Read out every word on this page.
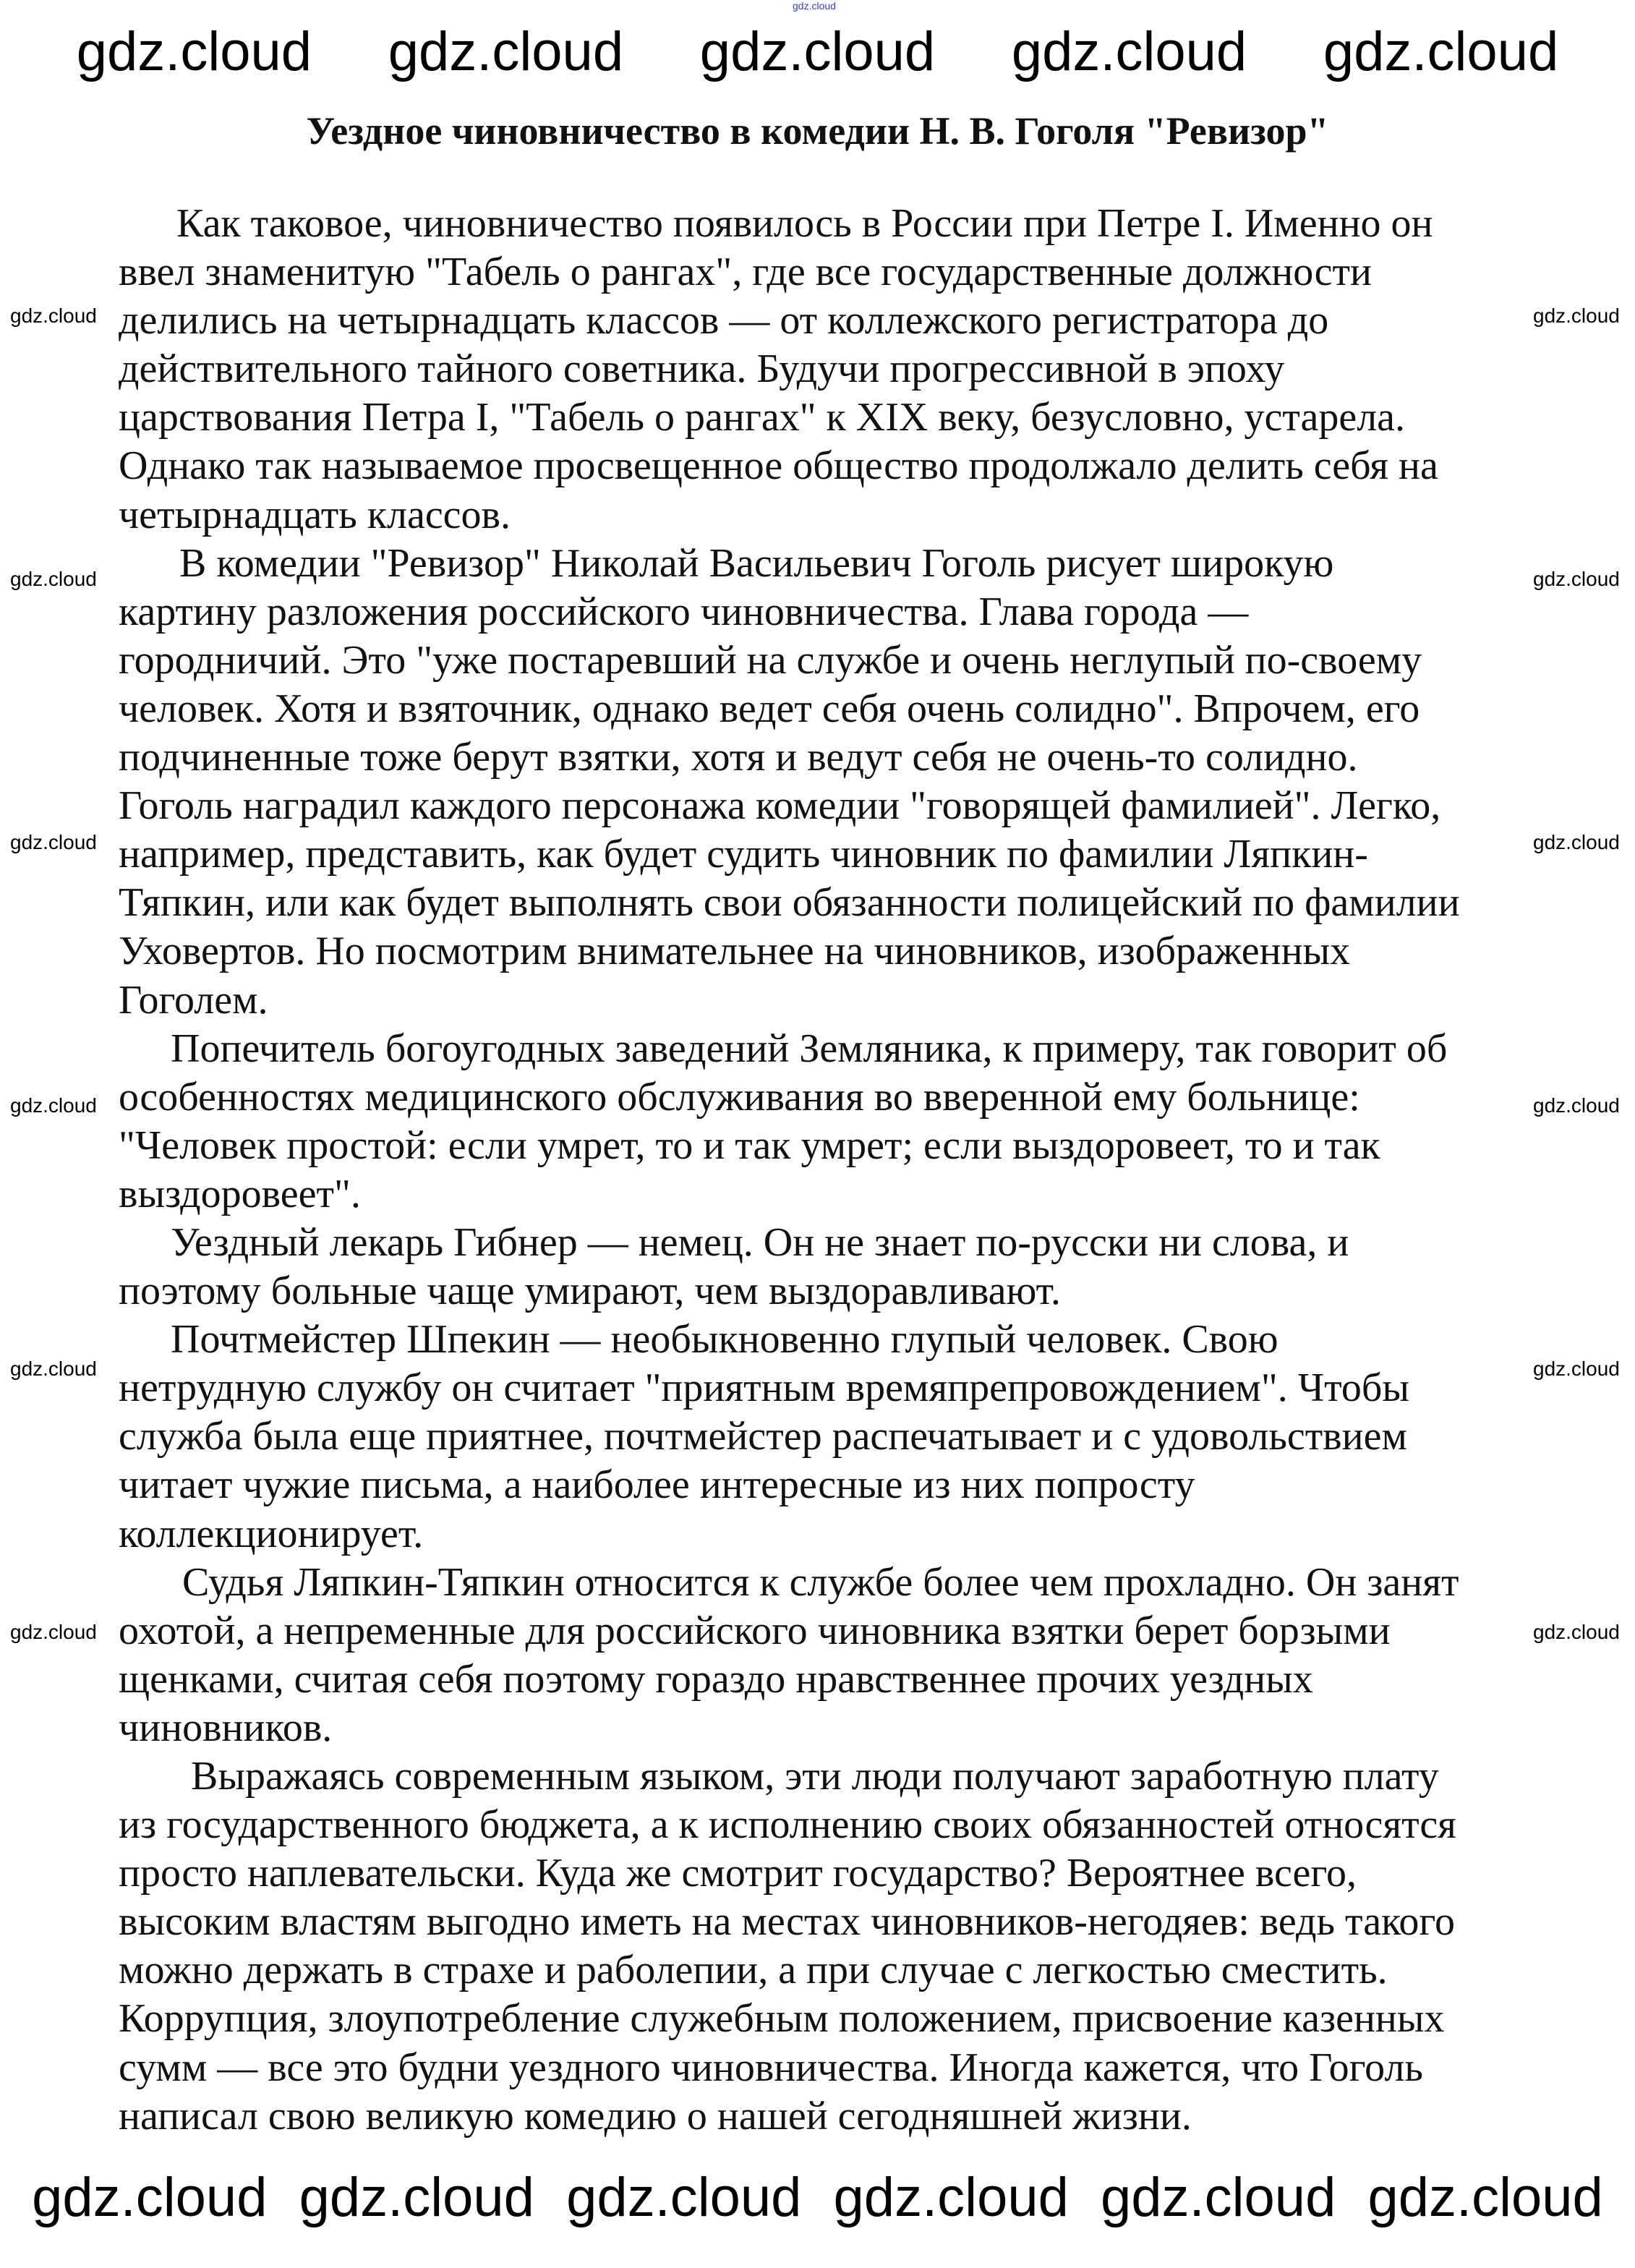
gdz.cloud
gdz.cloud gdz.cloud gdz.cloud gdz.cloud gdz.cloud
Уездное чиновничество в комедии Н. В. Гоголя "Ревизор"
Как таковое, чиновничество появилось в России при Петре I. Именно он
ввел знаменитую "Табель о рангах", где все государственные должности
делились на четырнадцать классов — от коллежского регистратора до
действительного тайного советника. Будучи прогрессивной в эпоху
царствования Петра I, "Табель о рангах" к XIX веку, безусловно, устарела.
Однако так называемое просвещенное общество продолжало делить себя на
четырнадцать классов.
В комедии "Ревизор" Николай Васильевич Гоголь рисует широкую
картину разложения российского чиновничества. Глава города —
городничий. Это "уже постаревший на службе и очень неглупый по-своему
человек. Хотя и взяточник, однако ведет себя очень солидно". Впрочем, его
подчиненные тоже берут взятки, хотя и ведут себя не очень-то солидно.
Гоголь наградил каждого персонажа комедии "говорящей фамилией". Легко,
например, представить, как будет судить чиновник по фамилии Ляпкин-
Тяпкин, или как будет выполнять свои обязанности полицейский по фамилии
Уховертов. Но посмотрим внимательнее на чиновников, изображенных
Гоголем.
Попечитель богоугодных заведений Земляника, к примеру, так говорит об
особенностях медицинского обслуживания во вверенной ему больнице:
"Человек простой: если умрет, то и так умрет; если выздоровеет, то и так
выздоровеет".
Уездный лекарь Гибнер — немец. Он не знает по-русски ни слова, и
поэтому больные чаще умирают, чем выздоравливают.
Почтмейстер Шпекин — необыкновенно глупый человек. Свою
нетрудную службу он считает "приятным времяпрепровождением". Чтобы
служба была еще приятнее, почтмейстер распечатывает и с удовольствием
читает чужие письма, а наиболее интересные из них попросту
коллекционирует.
Судья Ляпкин-Тяпкин относится к службе более чем прохладно. Он занят
охотой, а непременные для российского чиновника взятки берет борзыми
щенками, считая себя поэтому гораздо нравственнее прочих уездных
чиновников.
Выражаясь современным языком, эти люди получают заработную плату
из государственного бюджета, а к исполнению своих обязанностей относятся
просто наплевательски. Куда же смотрит государство? Вероятнее всего,
высоким властям выгодно иметь на местах чиновников-негодяев: ведь такого
можно держать в страхе и раболепии, а при случае с легкостью сместить.
Коррупция, злоупотребление служебным положением, присвоение казенных
сумм — все это будни уездного чиновничества. Иногда кажется, что Гоголь
написал свою великую комедию о нашей сегодняшней жизни.
gdz.cloud
gdz.cloud
gdz.cloud
gdz.cloud
gdz.cloud
gdz.cloud
gdz.cloud
gdz.cloud
gdz.cloud
gdz.cloud
gdz.cloud
gdz.cloud
gdz.cloud gdz.cloud gdz.cloud gdz.cloud gdz.cloud gdz.cloud
